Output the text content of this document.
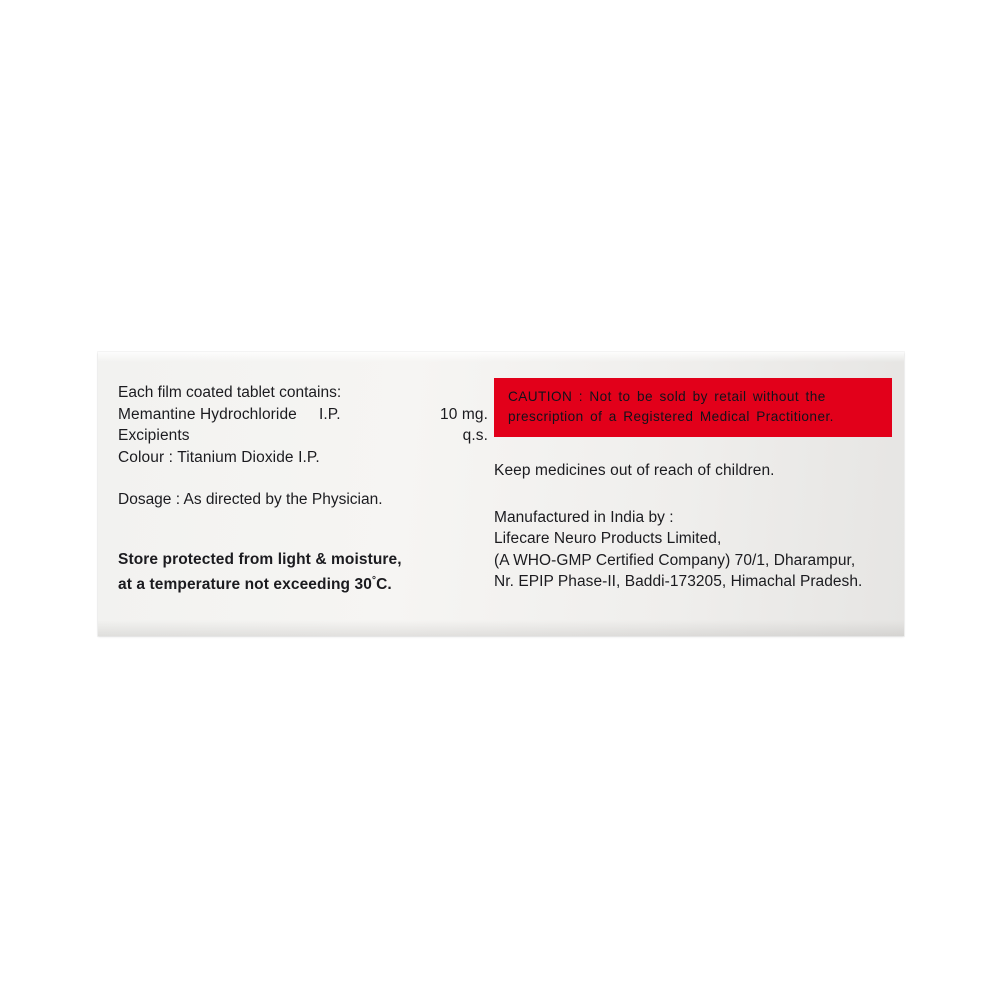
Each film coated tablet contains:
Memantine Hydrochloride     I.P.	10 mg.
Excipients	q.s.
Colour : Titanium Dioxide I.P.
Dosage : As directed by the Physician.
Store protected from light & moisture,
at a temperature not exceeding 30°C.
CAUTION : Not to be sold by retail without the
prescription of a Registered Medical Practitioner.
Keep medicines out of reach of children.
Manufactured in India by :
Lifecare Neuro Products Limited,
(A WHO-GMP Certified Company) 70/1, Dharampur,
Nr. EPIP Phase-II, Baddi-173205, Himachal Pradesh.
